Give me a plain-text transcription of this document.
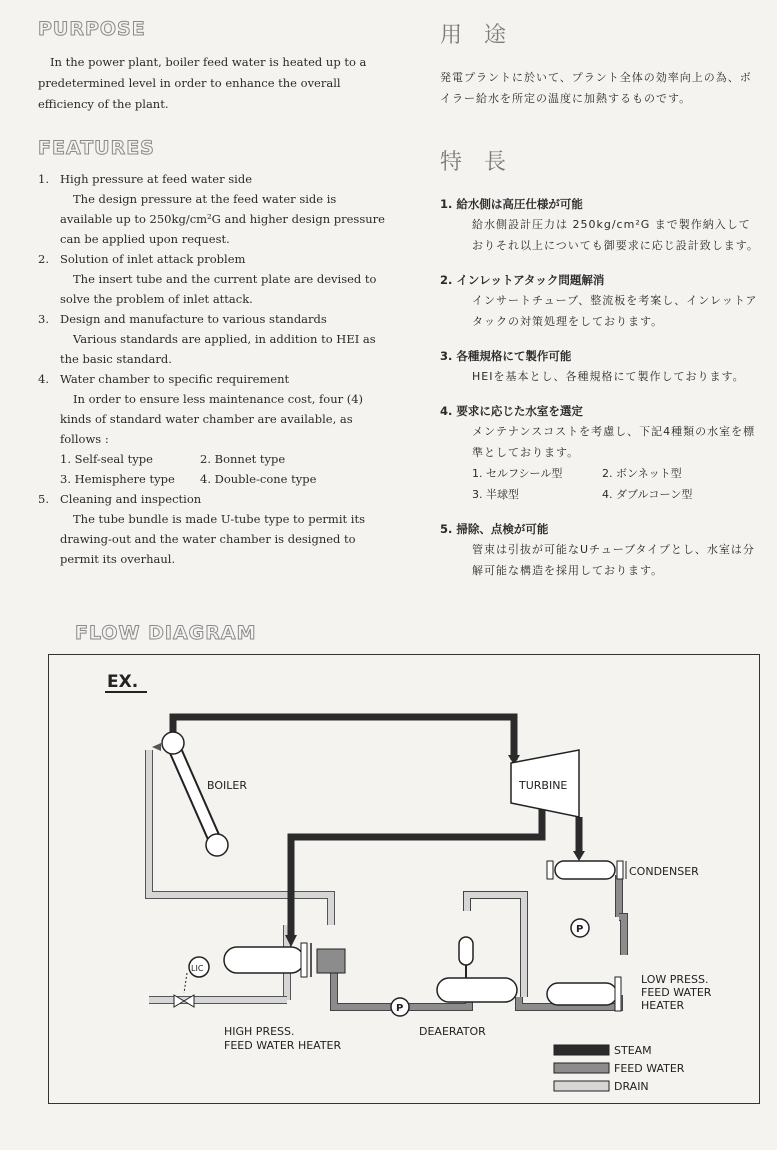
PURPOSE

In the power plant, boiler feed water is heated up to a predetermined level in order to enhance the overall efficiency of the plant.

FEATURES
1. High pressure at feed water side
The design pressure at the feed water side is available up to 250kg/cm²G and higher design pressure can be applied upon request.
2. Solution of inlet attack problem
The insert tube and the current plate are devised to solve the problem of inlet attack.
3. Design and manufacture to various standards
Various standards are applied, in addition to HEI as the basic standard.
4. Water chamber to specific requirement
In order to ensure less maintenance cost, four (4) kinds of standard water chamber are available, as follows :
1. Self-seal type	2. Bonnet type
3. Hemisphere type	4. Double-cone type
5. Cleaning and inspection
The tube bundle is made U-tube type to permit its drawing-out and the water chamber is designed to permit its overhaul.
用途

発電プラントに於いて、プラント全体の効率向上の為、ボイラー給水を所定の温度に加熱するものです。

特長

1. 給水側は高圧仕様が可能

給水側設計圧力は 250kg/cm²G まで製作納入しておりそれ以上についても御要求に応じ設計致します。

2. インレットアタック問題解消

インサートチューブ、整流板を考案し、インレットアタックの対策処理をしております。

3. 各種規格にて製作可能

HEIを基本とし、各種規格にて製作しております。

4. 要求に応じた水室を選定

メンテナンスコストを考慮し、下記4種類の水室を標準としております。

1. セルフシール型	2. ボンネット型
3. 半球型	4. ダブルコーン型

5. 掃除、点検が可能

管束は引抜が可能なUチューブタイプとし、水室は分解可能な構造を採用しております。

FLOW DIAGRAM
EX.
BOILER	TURBINE
CONDENSER
P
P
LOW PRESS.
FEED WATER
HEATER
DEAERATOR
HIGH PRESS.
FEED WATER HEATER
LIC
STEAM
FEED WATER
DRAIN
